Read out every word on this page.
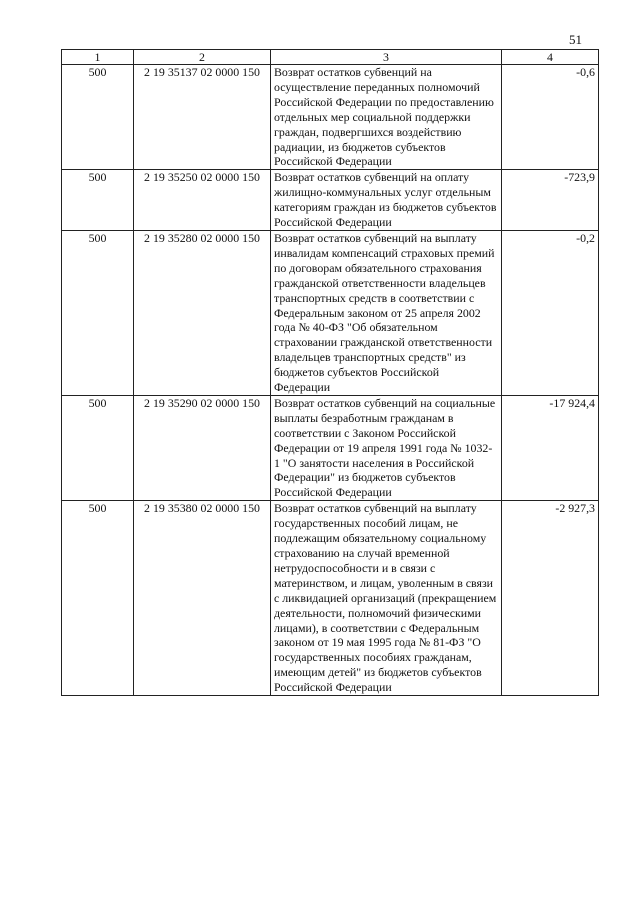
51
1	2	3	4
500	2 19 35137 02 0000 150	Возврат остатков субвенций на осуществление переданных полномочий Российской Федерации по предоставлению отдельных мер социальной поддержки граждан, подвергшихся воздействию радиации, из бюджетов субъектов Российской Федерации	-0,6
500	2 19 35250 02 0000 150	Возврат остатков субвенций на оплату жилищно-коммунальных услуг отдельным категориям граждан из бюджетов субъектов Российской Федерации	-723,9
500	2 19 35280 02 0000 150	Возврат остатков субвенций на выплату инвалидам компенсаций страховых премий по договорам обязательного страхования гражданской ответственности владельцев транспортных средств в соответствии с Федеральным законом от 25 апреля 2002 года № 40-ФЗ "Об обязательном страховании гражданской ответственности владельцев транспортных средств" из бюджетов субъектов Российской Федерации	-0,2
500	2 19 35290 02 0000 150	Возврат остатков субвенций на социальные выплаты безработным гражданам в соответствии с Законом Российской Федерации от 19 апреля 1991 года № 1032-1 "О занятости населения в Российской Федерации" из бюджетов субъектов Российской Федерации	-17 924,4
500	2 19 35380 02 0000 150	Возврат остатков субвенций на выплату государственных пособий лицам, не подлежащим обязательному социальному страхованию на случай временной нетрудоспособности и в связи с материнством, и лицам, уволенным в связи с ликвидацией организаций (прекращением деятельности, полномочий физическими лицами), в соответствии с Федеральным законом от 19 мая 1995 года № 81-ФЗ "О государственных пособиях гражданам, имеющим детей" из бюджетов субъектов Российской Федерации	-2 927,3
